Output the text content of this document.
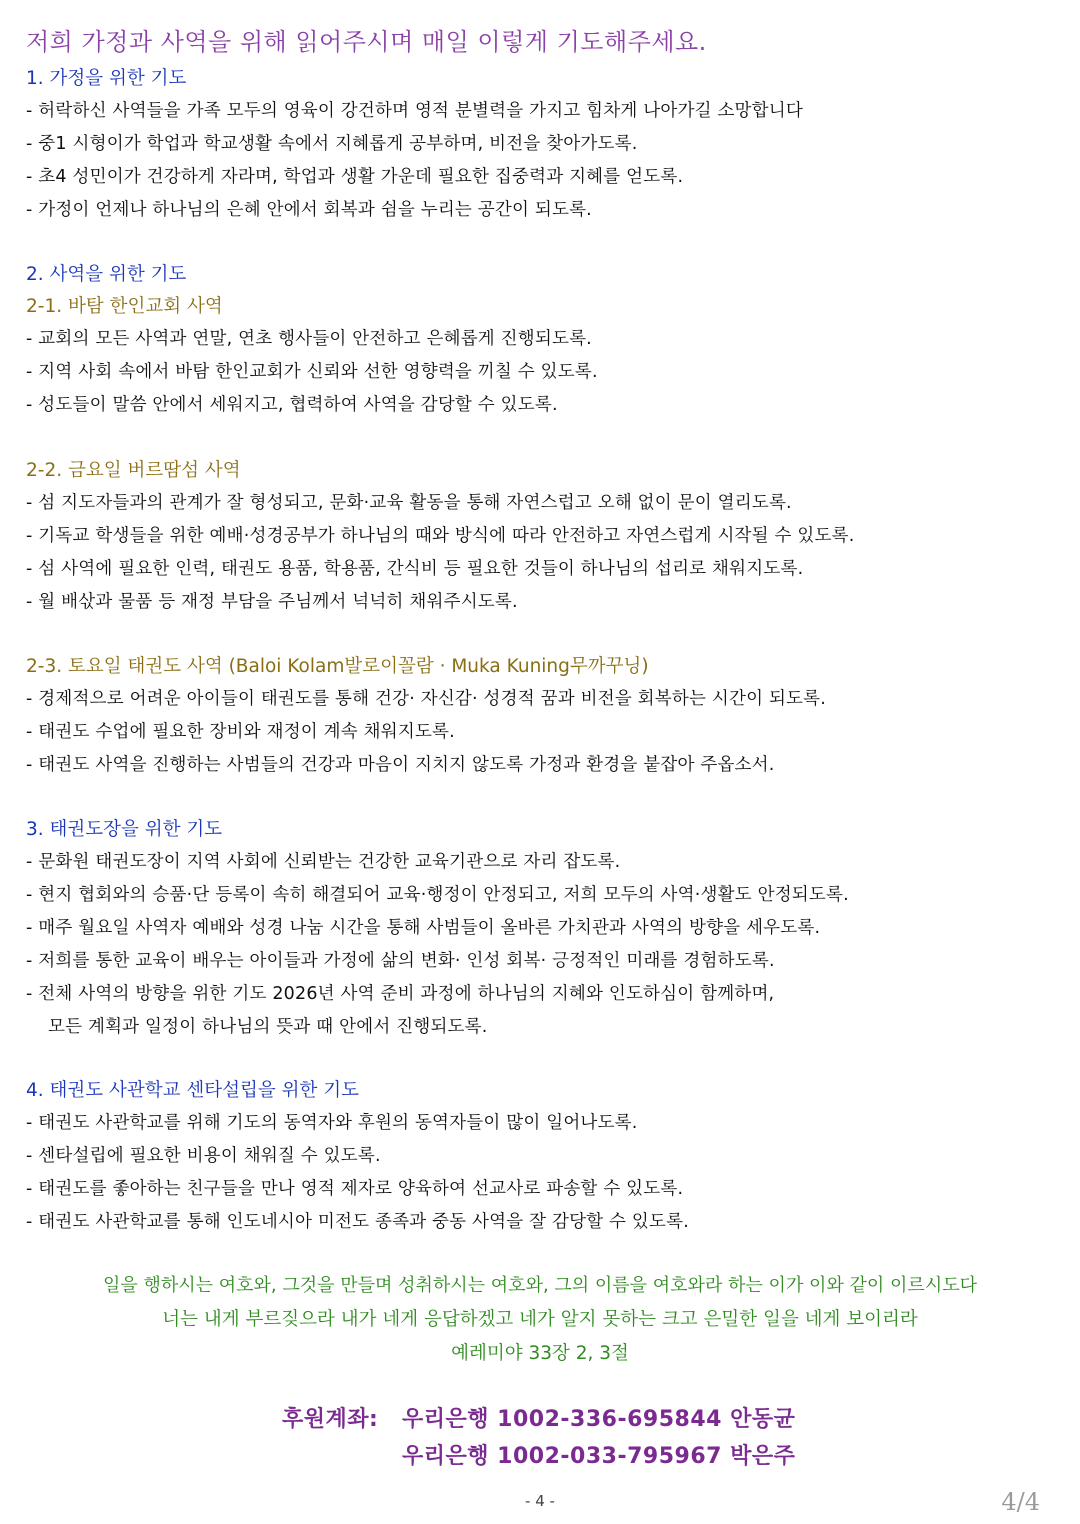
저희 가정과 사역을 위해 읽어주시며 매일 이렇게 기도해주세요.
1. 가정을 위한 기도
- 허락하신 사역들을 가족 모두의 영육이 강건하며 영적 분별력을 가지고 힘차게 나아가길 소망합니다
- 중1 시형이가 학업과 학교생활 속에서 지혜롭게 공부하며, 비전을 찾아가도록.
- 초4 성민이가 건강하게 자라며, 학업과 생활 가운데 필요한 집중력과 지혜를 얻도록.
- 가정이 언제나 하나님의 은혜 안에서 회복과 쉼을 누리는 공간이 되도록.
2. 사역을 위한 기도
2-1. 바탐 한인교회 사역
- 교회의 모든 사역과 연말, 연초 행사들이 안전하고 은혜롭게 진행되도록.
- 지역 사회 속에서 바탐 한인교회가 신뢰와 선한 영향력을 끼칠 수 있도록.
- 성도들이 말씀 안에서 세워지고, 협력하여 사역을 감당할 수 있도록.
2-2. 금요일 버르땀섬 사역
- 섬 지도자들과의 관계가 잘 형성되고, 문화·교육 활동을 통해 자연스럽고 오해 없이 문이 열리도록.
- 기독교 학생들을 위한 예배·성경공부가 하나님의 때와 방식에 따라 안전하고 자연스럽게 시작될 수 있도록.
- 섬 사역에 필요한 인력, 태권도 용품, 학용품, 간식비 등 필요한 것들이 하나님의 섭리로 채워지도록.
- 월 배삯과 물품 등 재정 부담을 주님께서 넉넉히 채워주시도록.
2-3. 토요일 태권도 사역 (Baloi Kolam발로이꼴람 · Muka Kuning무까꾸닝)
- 경제적으로 어려운 아이들이 태권도를 통해 건강· 자신감· 성경적 꿈과 비전을 회복하는 시간이 되도록.
- 태권도 수업에 필요한 장비와 재정이 계속 채워지도록.
- 태권도 사역을 진행하는 사범들의 건강과 마음이 지치지 않도록 가정과 환경을 붙잡아 주옵소서.
3. 태권도장을 위한 기도
- 문화원 태권도장이 지역 사회에 신뢰받는 건강한 교육기관으로 자리 잡도록.
- 현지 협회와의 승품·단 등록이 속히 해결되어 교육·행정이 안정되고, 저희 모두의 사역·생활도 안정되도록.
- 매주 월요일 사역자 예배와 성경 나눔 시간을 통해 사범들이 올바른 가치관과 사역의 방향을 세우도록.
- 저희를 통한 교육이 배우는 아이들과 가정에 삶의 변화· 인성 회복· 긍정적인 미래를 경험하도록.
- 전체 사역의 방향을 위한 기도 2026년 사역 준비 과정에 하나님의 지혜와 인도하심이 함께하며,
모든 계획과 일정이 하나님의 뜻과 때 안에서 진행되도록.
4. 태권도 사관학교 센타설립을 위한 기도
- 태권도 사관학교를 위해 기도의 동역자와 후원의 동역자들이 많이 일어나도록.
- 센타설립에 필요한 비용이 채워질 수 있도록.
- 태권도를 좋아하는 친구들을 만나 영적 제자로 양육하여 선교사로 파송할 수 있도록.
- 태권도 사관학교를 통해 인도네시아 미전도 종족과 중동 사역을 잘 감당할 수 있도록.
일을 행하시는 여호와, 그것을 만들며 성취하시는 여호와, 그의 이름을 여호와라 하는 이가 이와 같이 이르시도다
너는 내게 부르짖으라 내가 네게 응답하겠고 네가 알지 못하는 크고 은밀한 일을 네게 보이리라
예레미야 33장 2, 3절
후원계좌: 우리은행 1002-336-695844 안동균
우리은행 1002-033-795967 박은주
- 4 -	4/4
